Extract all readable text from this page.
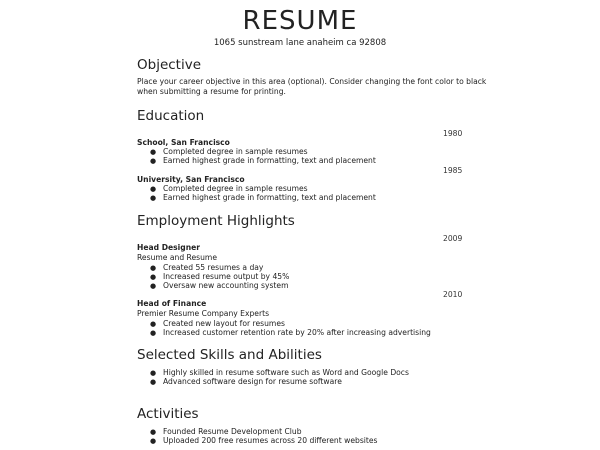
RESUME
1065 sunstream lane anaheim ca 92808
Objective
Place your career objective in this area (optional). Consider changing the font color to black
when submitting a resume for printing.
Education
1980
School, San Francisco
● Completed degree in sample resumes
● Earned highest grade in formatting, text and placement
1985
University, San Francisco
● Completed degree in sample resumes
● Earned highest grade in formatting, text and placement
Employment Highlights
2009
Head Designer
Resume and Resume
● Created 55 resumes a day
● Increased resume output by 45%
● Oversaw new accounting system
2010
Head of Finance
Premier Resume Company Experts
● Created new layout for resumes
● Increased customer retention rate by 20% after increasing advertising
Selected Skills and Abilities
● Highly skilled in resume software such as Word and Google Docs
● Advanced software design for resume software
Activities
● Founded Resume Development Club
● Uploaded 200 free resumes across 20 different websites
